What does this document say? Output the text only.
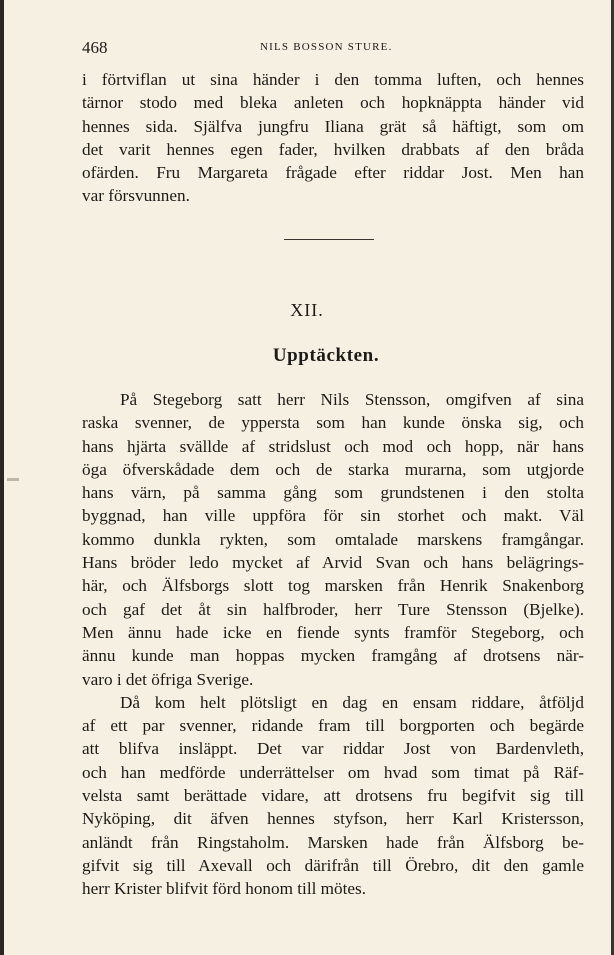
468	NILS BOSSON STURE.

i förtviflan ut sina händer i den tomma luften, och hennes

tärnor stodo med bleka anleten och hopknäppta händer vid

hennes sida. Själfva jungfru Iliana grät så häftigt, som om

det varit hennes egen fader, hvilken drabbats af den bråda

ofärden. Fru Margareta frågade efter riddar Jost. Men han

var försvunnen.

XII.
Upptäckten.

På Stegeborg satt herr Nils Stensson, omgifven af sina

raska svenner, de yppersta som han kunde önska sig, och

hans hjärta svällde af stridslust och mod och hopp, när hans

öga öfverskådade dem och de starka murarna, som utgjorde

hans värn, på samma gång som grundstenen i den stolta

byggnad, han ville uppföra för sin storhet och makt. Väl

kommo dunkla rykten, som omtalade marskens framgångar.

Hans bröder ledo mycket af Arvid Svan och hans belägrings-

här, och Älfsborgs slott tog marsken från Henrik Snakenborg

och gaf det åt sin halfbroder, herr Ture Stensson (Bjelke).

Men ännu hade icke en fiende synts framför Stegeborg, och

ännu kunde man hoppas mycken framgång af drotsens när-

varo i det öfriga Sverige.

Då kom helt plötsligt en dag en ensam riddare, åtföljd

af ett par svenner, ridande fram till borgporten och begärde

att blifva insläppt. Det var riddar Jost von Bardenvleth,

och han medförde underrättelser om hvad som timat på Räf-

velsta samt berättade vidare, att drotsens fru begifvit sig till

Nyköping, dit äfven hennes styfson, herr Karl Kristersson,

anländt från Ringstaholm. Marsken hade från Älfsborg be-

gifvit sig till Axevall och därifrån till Örebro, dit den gamle

herr Krister blifvit förd honom till mötes.
